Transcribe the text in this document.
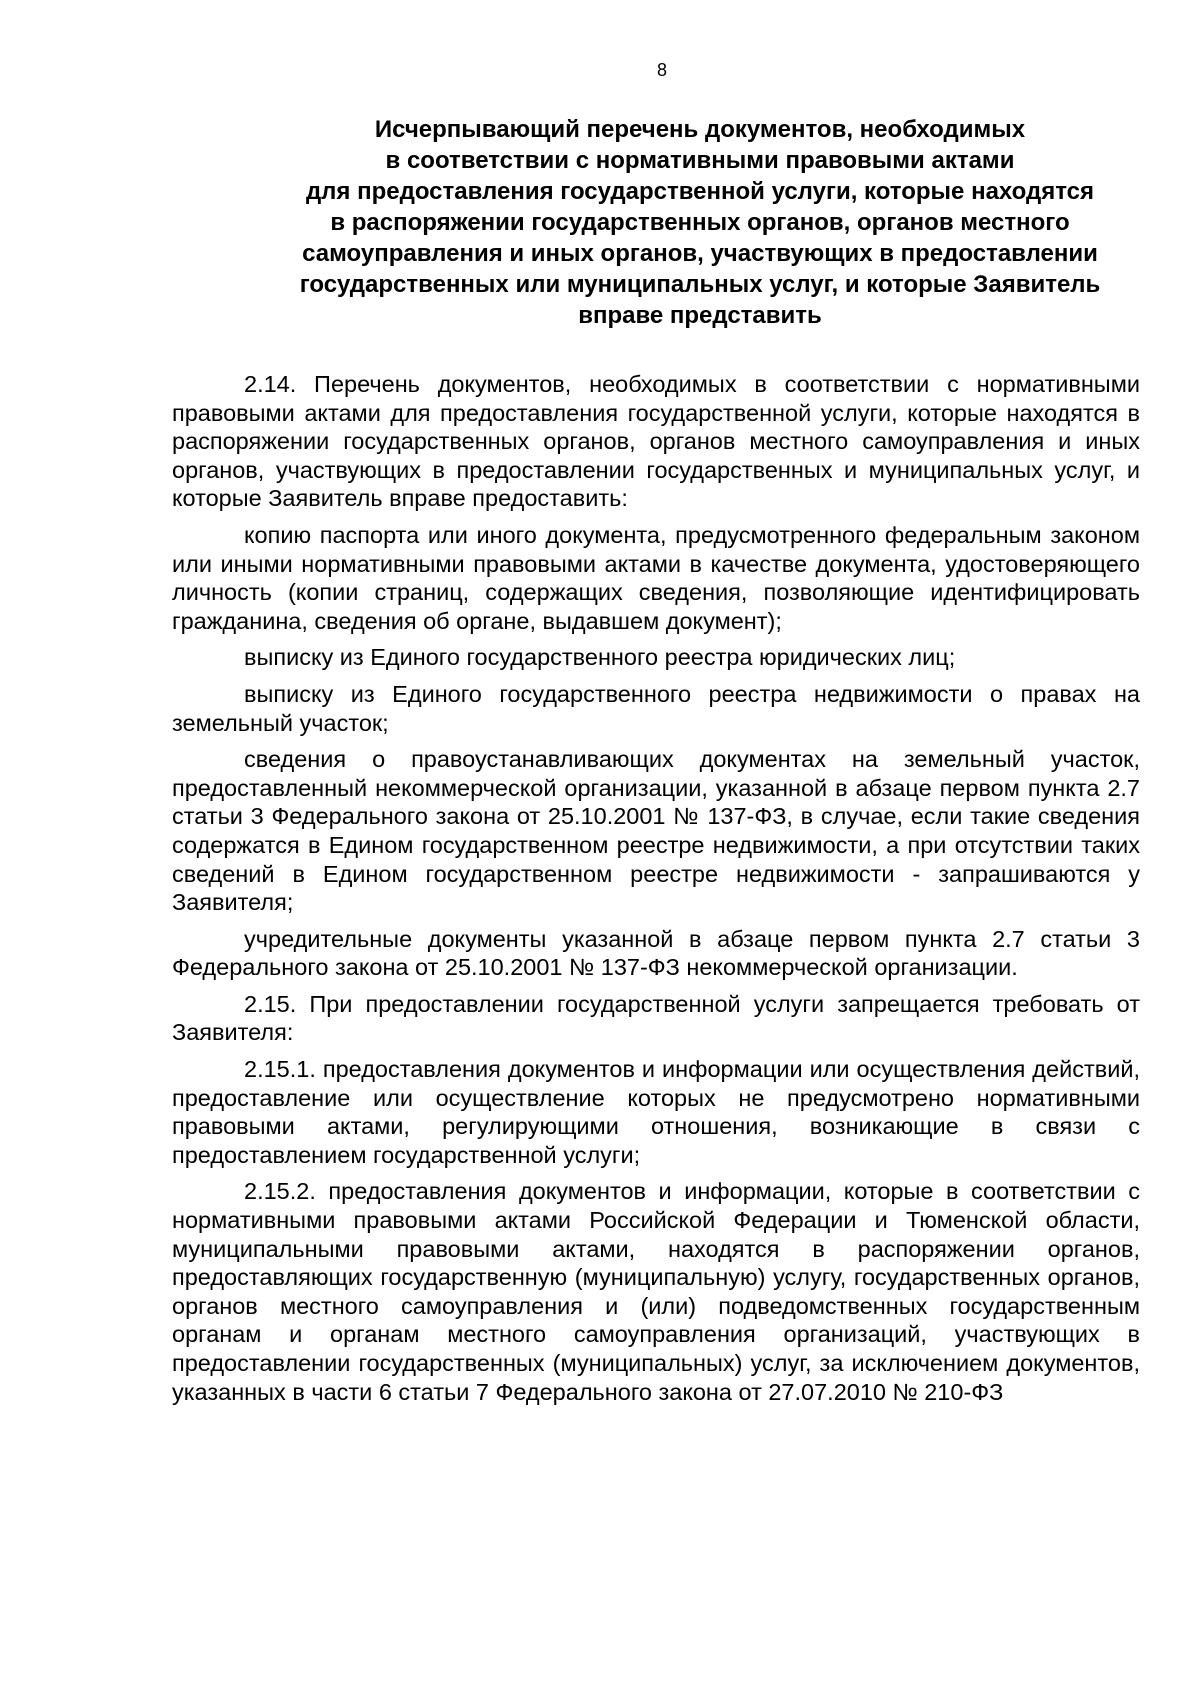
8
Исчерпывающий перечень документов, необходимых
в соответствии с нормативными правовыми актами
для предоставления государственной услуги, которые находятся
в распоряжении государственных органов, органов местного
самоуправления и иных органов, участвующих в предоставлении
государственных или муниципальных услуг, и которые Заявитель
вправе представить

2.14. Перечень документов, необходимых в соответствии с нормативными правовыми актами для предоставления государственной услуги, которые находятся в распоряжении государственных органов, органов местного самоуправления и иных органов, участвующих в предоставлении государственных и муниципальных услуг, и которые Заявитель вправе предоставить:

копию паспорта или иного документа, предусмотренного федеральным законом или иными нормативными правовыми актами в качестве документа, удостоверяющего личность (копии страниц, содержащих сведения, позволяющие идентифицировать гражданина, сведения об органе, выдавшем документ);

выписку из Единого государственного реестра юридических лиц;

выписку из Единого государственного реестра недвижимости о правах на земельный участок;

сведения о правоустанавливающих документах на земельный участок, предоставленный некоммерческой организации, указанной в абзаце первом пункта 2.7 статьи 3 Федерального закона от 25.10.2001 № 137-ФЗ, в случае, если такие сведения содержатся в Едином государственном реестре недвижимости, а при отсутствии таких сведений в Едином государственном реестре недвижимости - запрашиваются у Заявителя;

учредительные документы указанной в абзаце первом пункта 2.7 статьи 3 Федерального закона от 25.10.2001 № 137-ФЗ некоммерческой организации.

2.15. При предоставлении государственной услуги запрещается требовать от Заявителя:

2.15.1. предоставления документов и информации или осуществления действий, предоставление или осуществление которых не предусмотрено нормативными правовыми актами, регулирующими отношения, возникающие в связи с предоставлением государственной услуги;

2.15.2. предоставления документов и информации, которые в соответствии с нормативными правовыми актами Российской Федерации и Тюменской области, муниципальными правовыми актами, находятся в распоряжении органов, предоставляющих государственную (муниципальную) услугу, государственных органов, органов местного самоуправления и (или) подведомственных государственным органам и органам местного самоуправления организаций, участвующих в предоставлении государственных (муниципальных) услуг, за исключением документов, указанных в части 6 статьи 7 Федерального закона от 27.07.2010 № 210-ФЗ
